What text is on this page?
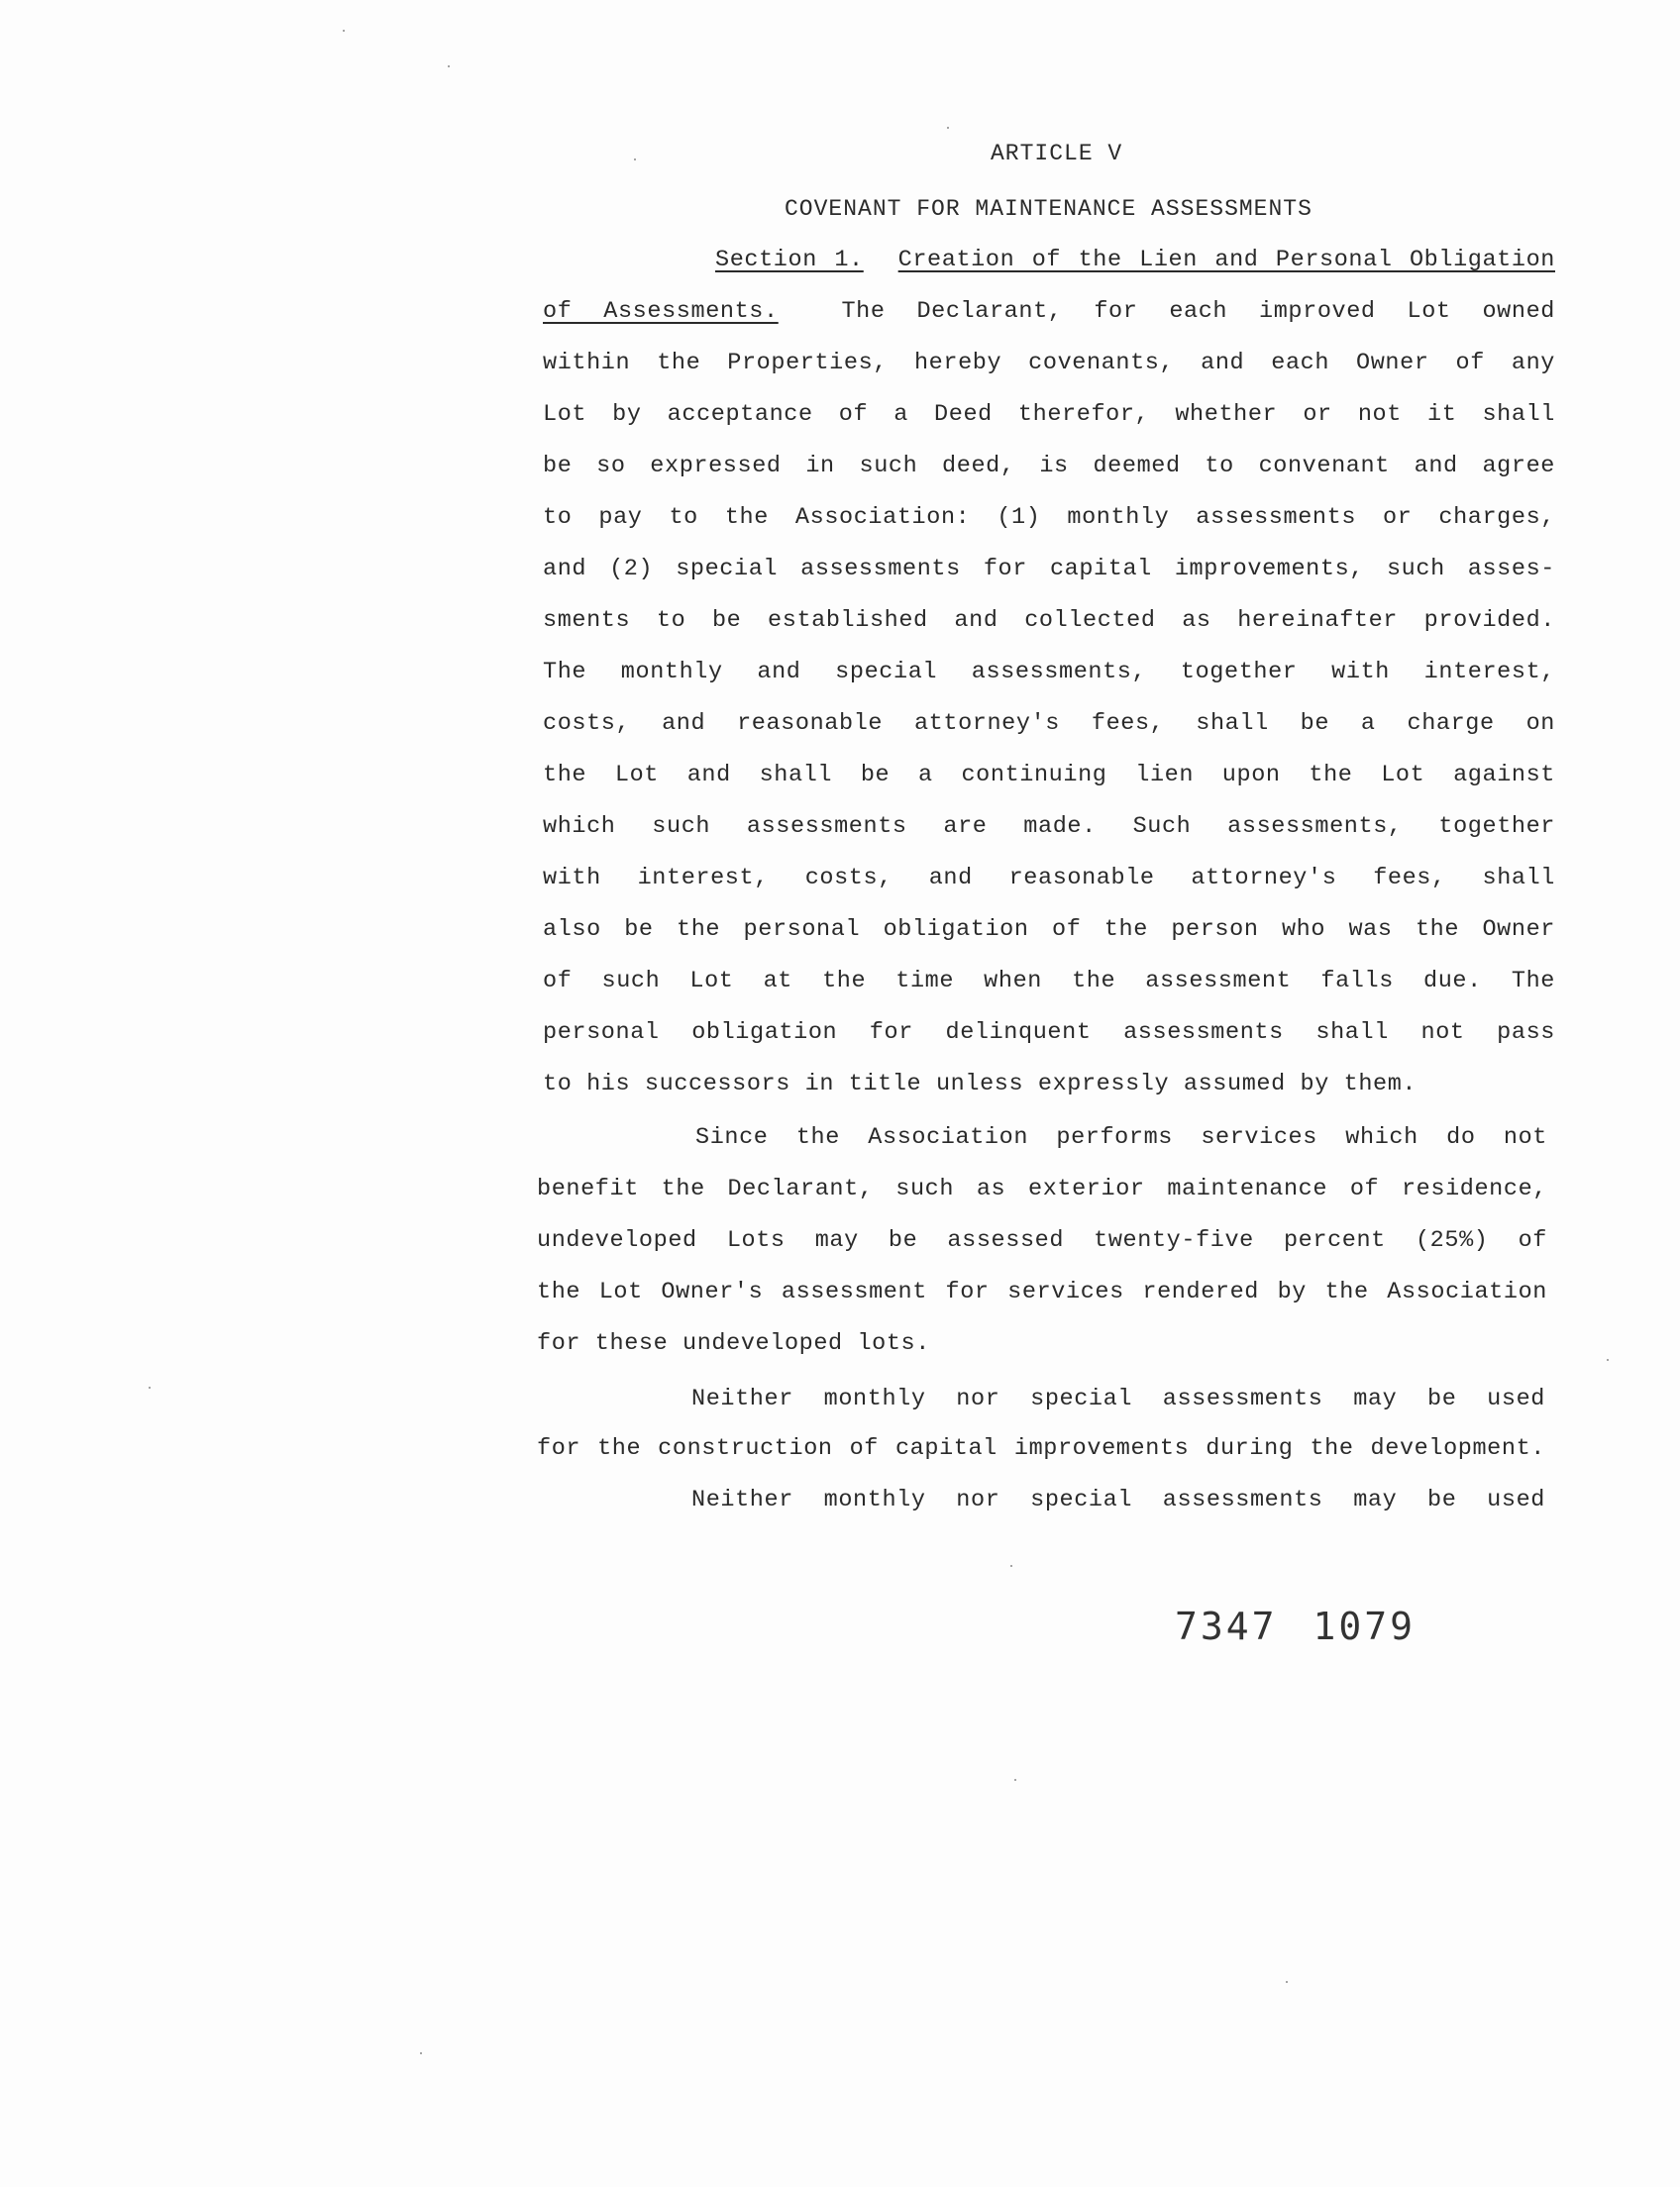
ARTICLE V
COVENANT FOR MAINTENANCE ASSESSMENTS
Section 1. Creation of the Lien and Personal Obligation
of Assessments.	The Declarant, for each improved Lot owned
within the Properties, hereby covenants, and each Owner of any
Lot by acceptance of a Deed therefor, whether or not it shall
be so expressed in such deed, is deemed to convenant and agree
to pay to the Association: (1) monthly assessments or charges,
and (2) special assessments for capital improvements, such asses-
sments to be established and collected as hereinafter provided.
The monthly and special assessments, together with interest,
costs, and reasonable attorney's fees, shall be a charge on
the Lot and shall be a continuing lien upon the Lot against
which such assessments are made. Such assessments, together
with interest, costs, and reasonable attorney's fees, shall
also be the personal obligation of the person who was the Owner
of such Lot at the time when the assessment falls due. The
personal obligation for delinquent assessments shall not pass
to his successors in title unless expressly assumed by them.
Since the Association performs services which do not
benefit the Declarant, such as exterior maintenance of residence,
undeveloped Lots may be assessed twenty-five percent (25%) of
the Lot Owner's assessment for services rendered by the Association
for these undeveloped lots.
Neither monthly nor special assessments may be used
for the construction of capital improvements during the development.
Neither monthly nor special assessments may be used
7347 1079
